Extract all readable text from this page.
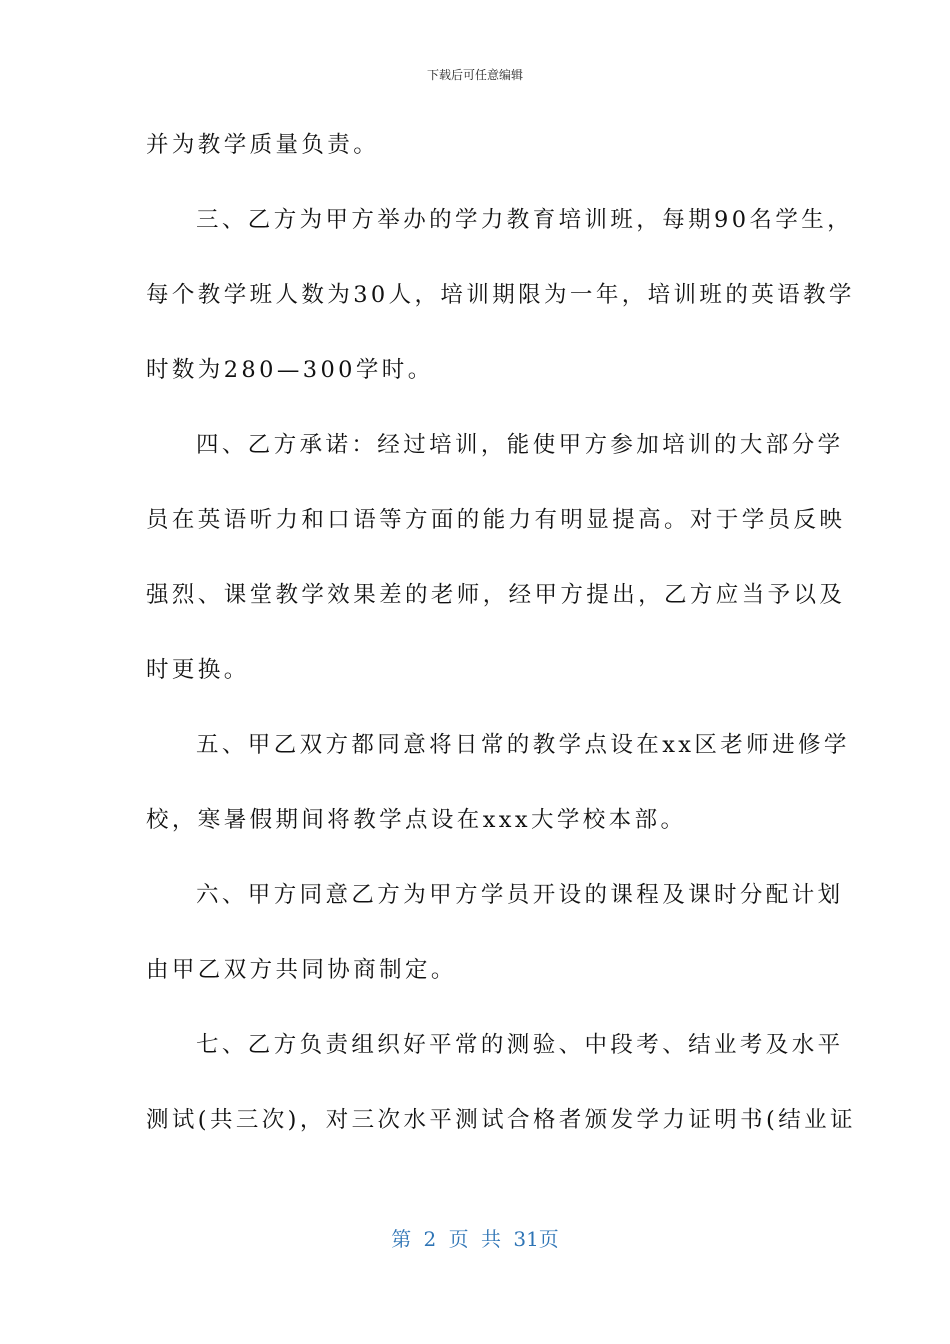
下载后可任意编辑
并为教学质量负责。
三、乙方为甲方举办的学力教育培训班，每期90名学生，
每个教学班人数为30人，培训期限为一年，培训班的英语教学
时数为280—300学时。
四、乙方承诺：经过培训，能使甲方参加培训的大部分学
员在英语听力和口语等方面的能力有明显提高。对于学员反映
强烈、课堂教学效果差的老师，经甲方提出，乙方应当予以及
时更换。
五、甲乙双方都同意将日常的教学点设在xx区老师进修学
校，寒暑假期间将教学点设在xxx大学校本部。
六、甲方同意乙方为甲方学员开设的课程及课时分配计划
由甲乙双方共同协商制定。
七、乙方负责组织好平常的测验、中段考、结业考及水平
测试(共三次)，对三次水平测试合格者颁发学力证明书(结业证
第 2 页 共 31页
